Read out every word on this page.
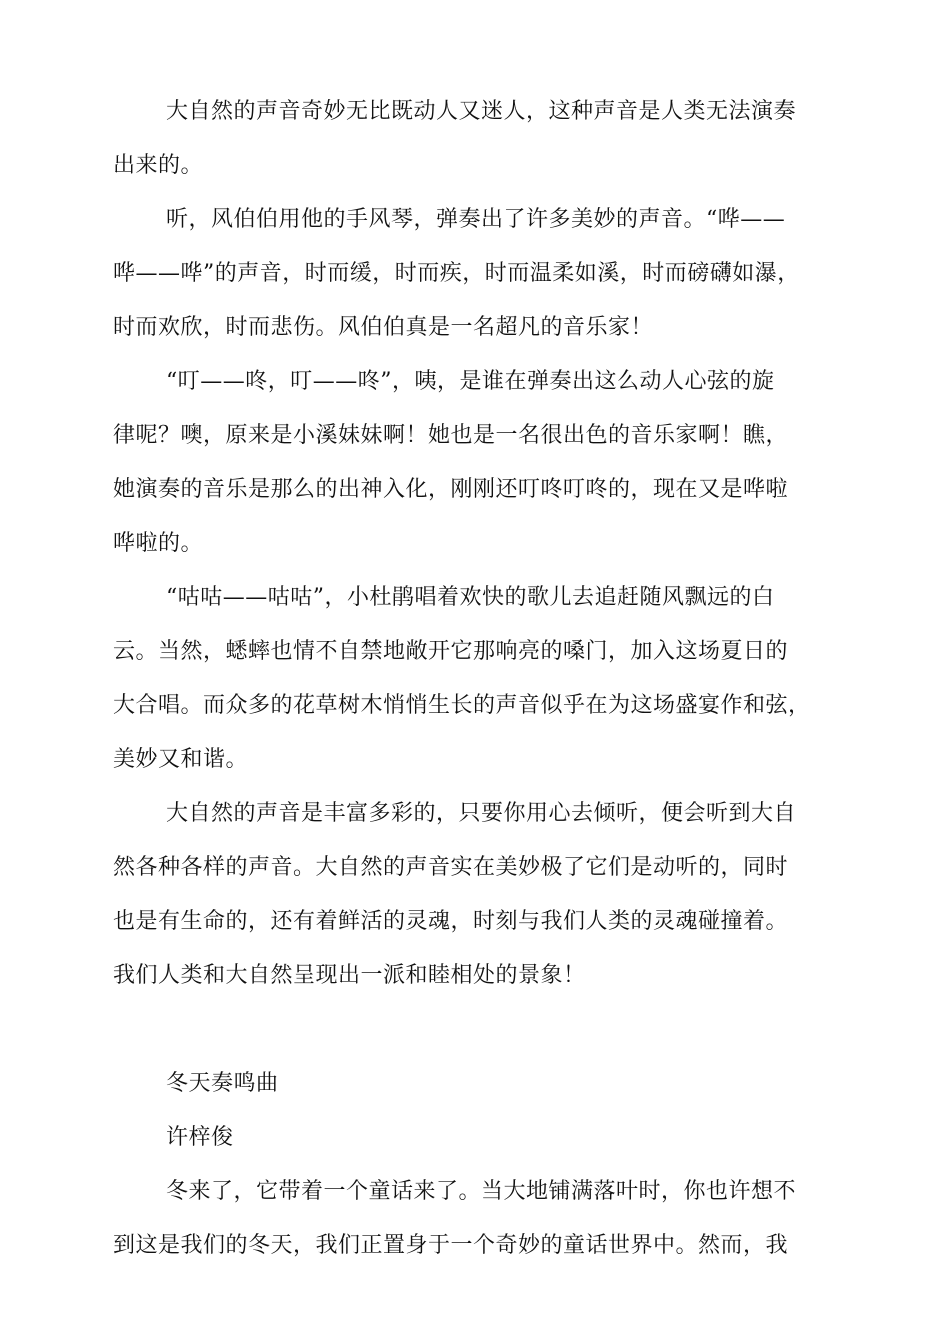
大自然的声音奇妙无比既动人又迷人，这种声音是人类无法演奏
出来的。
听，风伯伯用他的手风琴，弹奏出了许多美妙的声音。“哗——
哗——哗”的声音，时而缓，时而疾，时而温柔如溪，时而磅礴如瀑，
时而欢欣，时而悲伤。风伯伯真是一名超凡的音乐家！
“叮——咚，叮——咚”，咦，是谁在弹奏出这么动人心弦的旋
律呢？噢，原来是小溪妹妹啊！她也是一名很出色的音乐家啊！瞧，
她演奏的音乐是那么的出神入化，刚刚还叮咚叮咚的，现在又是哗啦
哗啦的。
“咕咕——咕咕”，小杜鹃唱着欢快的歌儿去追赶随风飘远的白
云。当然，蟋蟀也情不自禁地敞开它那响亮的嗓门，加入这场夏日的
大合唱。而众多的花草树木悄悄生长的声音似乎在为这场盛宴作和弦，
美妙又和谐。
大自然的声音是丰富多彩的，只要你用心去倾听，便会听到大自
然各种各样的声音。大自然的声音实在美妙极了它们是动听的，同时
也是有生命的，还有着鲜活的灵魂，时刻与我们人类的灵魂碰撞着。
我们人类和大自然呈现出一派和睦相处的景象！
冬天奏鸣曲
许梓俊
冬来了，它带着一个童话来了。当大地铺满落叶时，你也许想不
到这是我们的冬天，我们正置身于一个奇妙的童话世界中。然而，我
